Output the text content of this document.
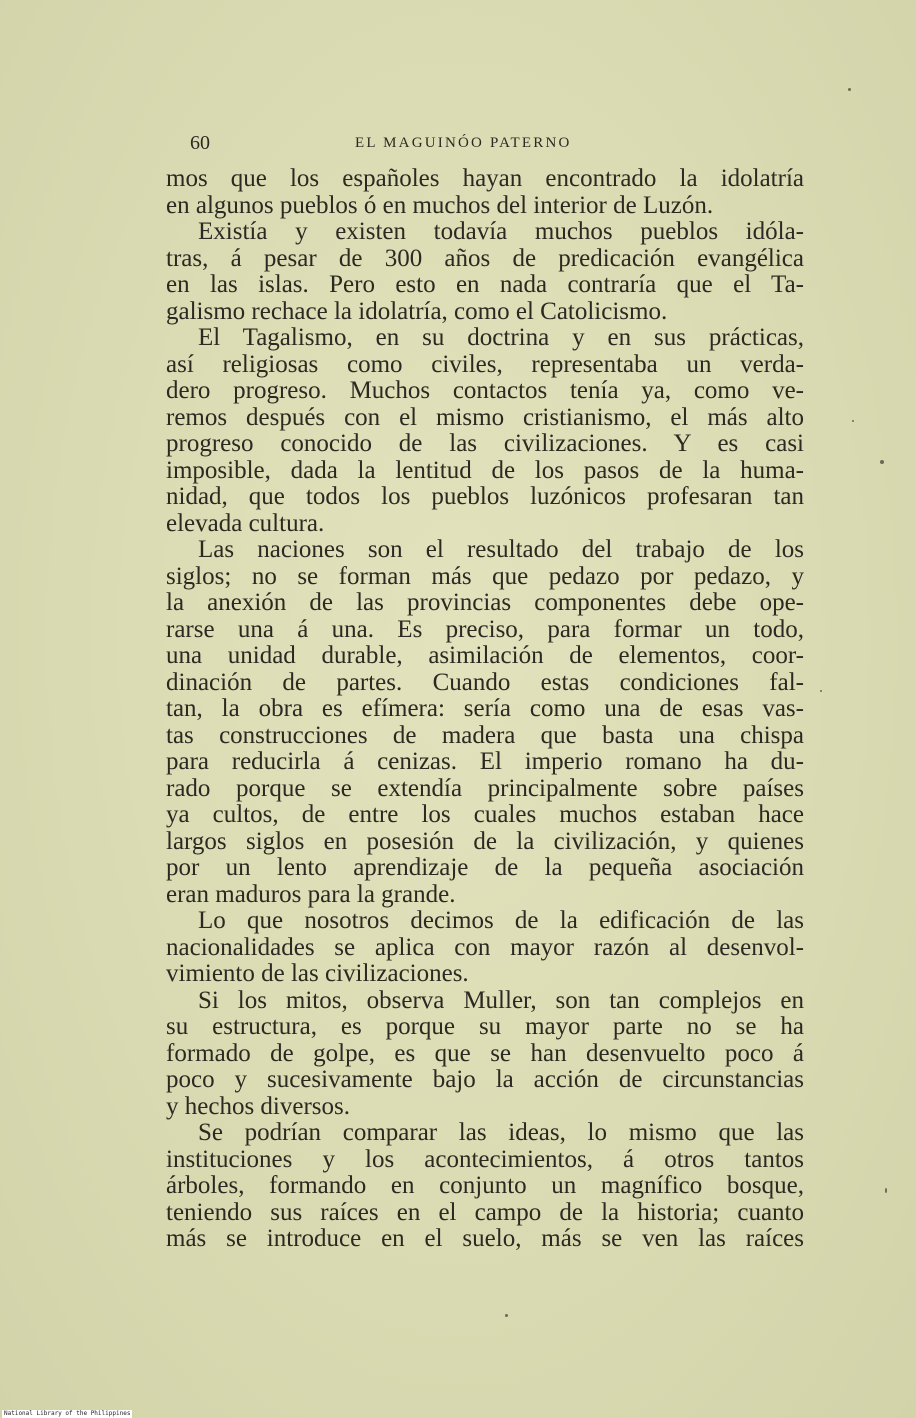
60	EL MAGUINÓO PATERNO
mos que los españoles hayan encontrado la idolatría
en algunos pueblos ó en muchos del interior de Luzón.
Existía y existen todavía muchos pueblos idóla-
tras, á pesar de 300 años de predicación evangélica
en las islas. Pero esto en nada contraría que el Ta-
galismo rechace la idolatría, como el Catolicismo.
El Tagalismo, en su doctrina y en sus prácticas,
así religiosas como civiles, representaba un verda-
dero progreso. Muchos contactos tenía ya, como ve-
remos después con el mismo cristianismo, el más alto
progreso conocido de las civilizaciones. Y es casi
imposible, dada la lentitud de los pasos de la huma-
nidad, que todos los pueblos luzónicos profesaran tan
elevada cultura.
Las naciones son el resultado del trabajo de los
siglos; no se forman más que pedazo por pedazo, y
la anexión de las provincias componentes debe ope-
rarse una á una. Es preciso, para formar un todo,
una unidad durable, asimilación de elementos, coor-
dinación de partes. Cuando estas condiciones fal-
tan, la obra es efímera: sería como una de esas vas-
tas construcciones de madera que basta una chispa
para reducirla á cenizas. El imperio romano ha du-
rado porque se extendía principalmente sobre países
ya cultos, de entre los cuales muchos estaban hace
largos siglos en posesión de la civilización, y quienes
por un lento aprendizaje de la pequeña asociación
eran maduros para la grande.
Lo que nosotros decimos de la edificación de las
nacionalidades se aplica con mayor razón al desenvol-
vimiento de las civilizaciones.
Si los mitos, observa Muller, son tan complejos en
su estructura, es porque su mayor parte no se ha
formado de golpe, es que se han desenvuelto poco á
poco y sucesivamente bajo la acción de circunstancias
y hechos diversos.
Se podrían comparar las ideas, lo mismo que las
instituciones y los acontecimientos, á otros tantos
árboles, formando en conjunto un magnífico bosque,
teniendo sus raíces en el campo de la historia; cuanto
más se introduce en el suelo, más se ven las raíces
National Library of the Philippines
